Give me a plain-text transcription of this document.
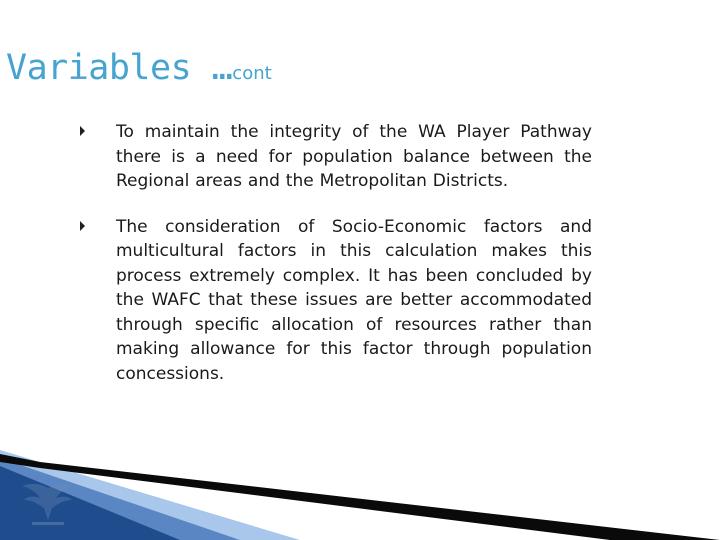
Variables …cont
To maintain the integrity of the WA Player Pathway there is a need for population balance between the Regional areas and the Metropolitan Districts.
The consideration of Socio-Economic factors and multicultural factors in this calculation makes this process extremely complex. It has been concluded by the WAFC that these issues are better accommodated through specific allocation of resources rather than making allowance for this factor through population concessions.
